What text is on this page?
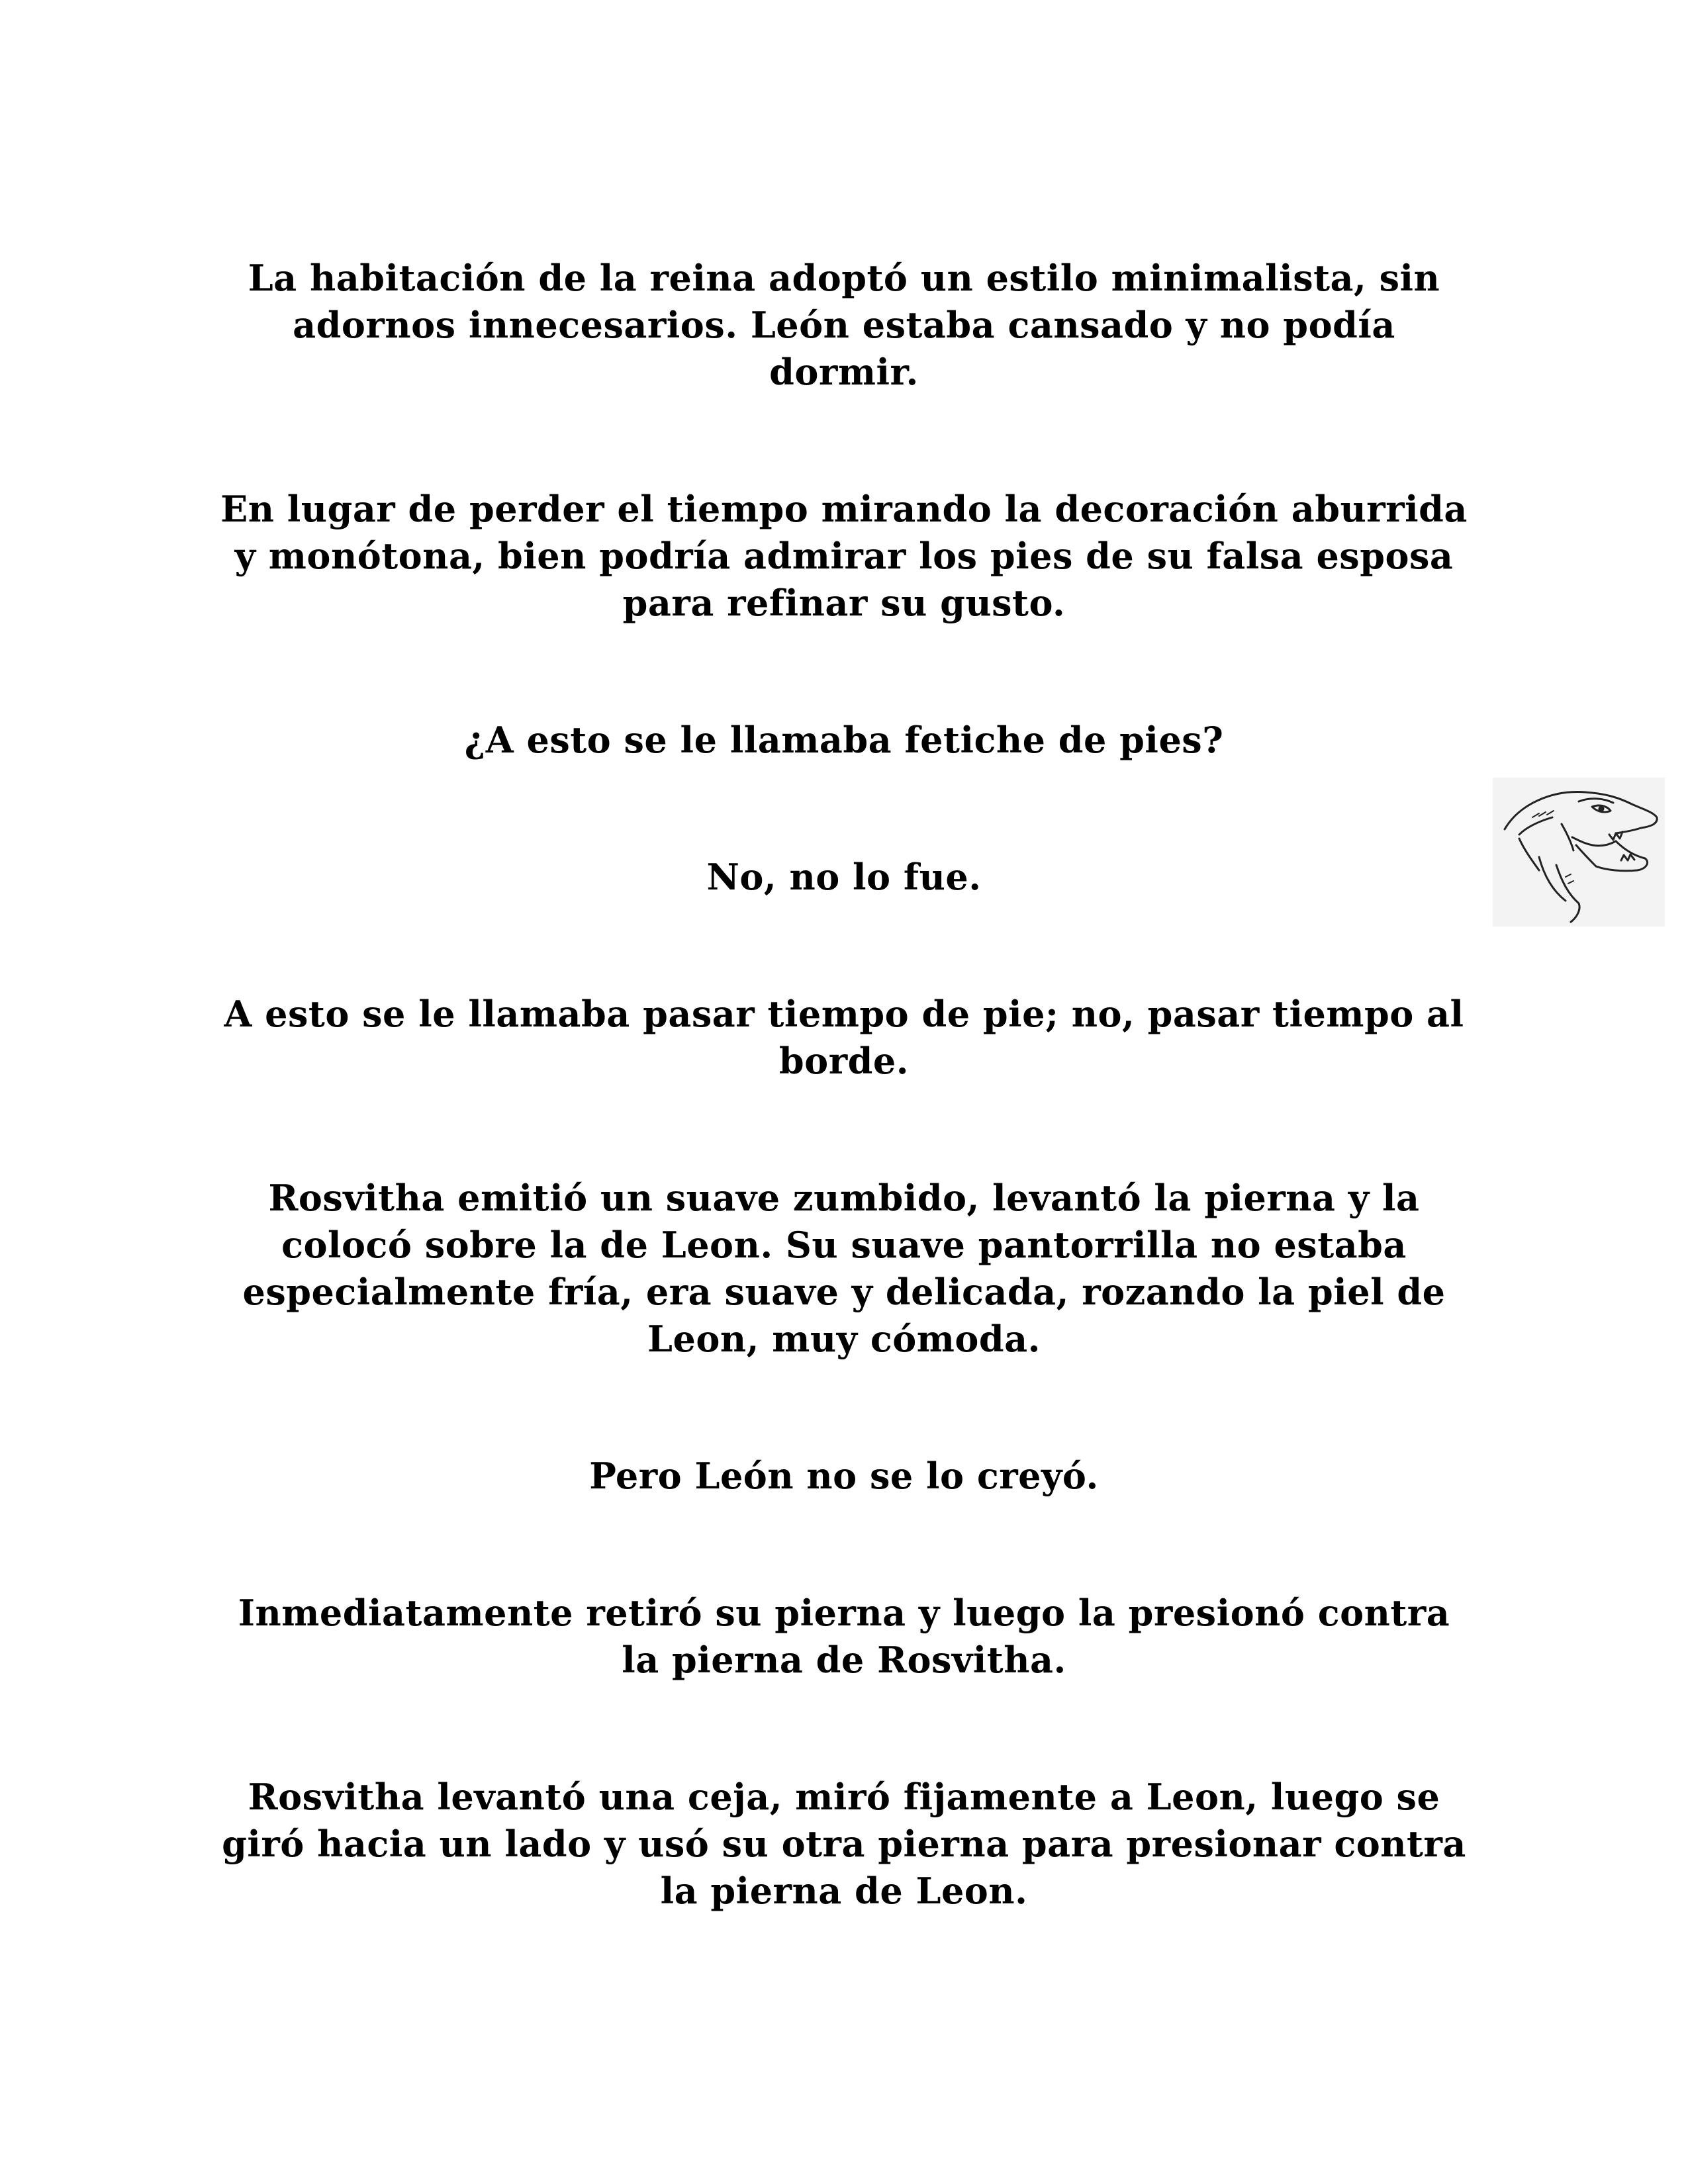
La habitación de la reina adoptó un estilo minimalista, sin adornos innecesarios. León estaba cansado y no podía dormir.

En lugar de perder el tiempo mirando la decoración aburrida y monótona, bien podría admirar los pies de su falsa esposa para refinar su gusto.

¿A esto se le llamaba fetiche de pies?

No, no lo fue.

A esto se le llamaba pasar tiempo de pie; no, pasar tiempo al borde.

Rosvitha emitió un suave zumbido, levantó la pierna y la colocó sobre la de Leon. Su suave pantorrilla no estaba especialmente fría, era suave y delicada, rozando la piel de Leon, muy cómoda.

Pero León no se lo creyó.

Inmediatamente retiró su pierna y luego la presionó contra la pierna de Rosvitha.

Rosvitha levantó una ceja, miró fijamente a Leon, luego se giró hacia un lado y usó su otra pierna para presionar contra la pierna de Leon.
